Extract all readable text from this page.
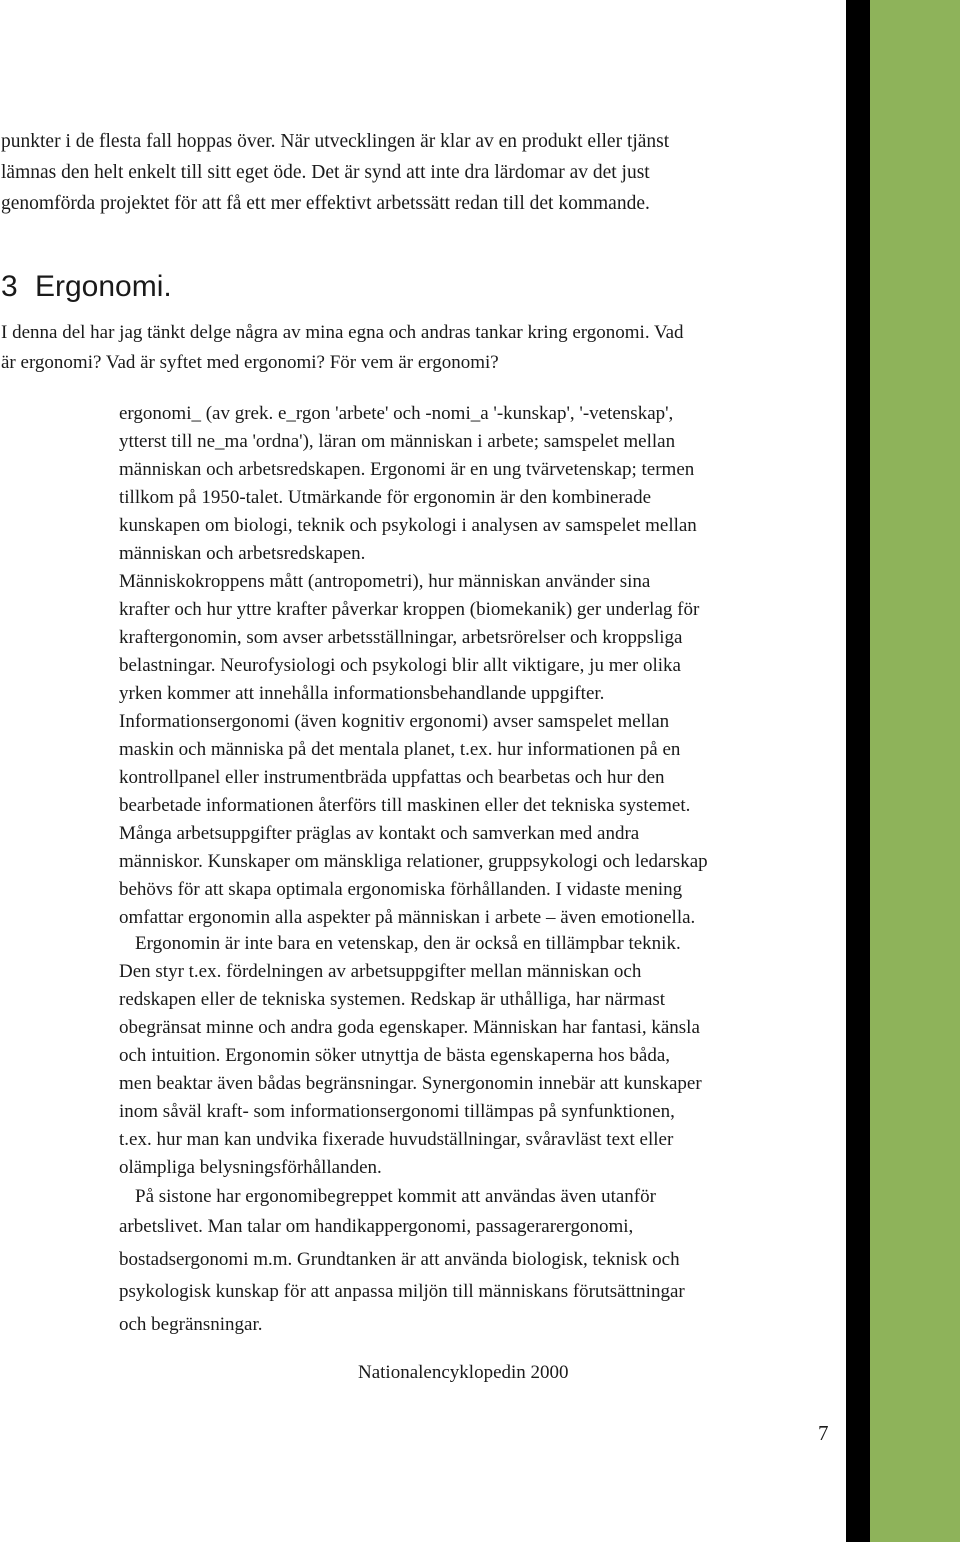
punkter i de flesta fall hoppas över. När utvecklingen är klar av en produkt eller tjänst
lämnas den helt enkelt till sitt eget öde. Det är synd att inte dra lärdomar av det just
genomförda projektet för att få ett mer effektivt arbetssätt redan till det kommande.

3 Ergonomi.

I denna del har jag tänkt delge några av mina egna och andras tankar kring ergonomi. Vad
är ergonomi? Vad är syftet med ergonomi? För vem är ergonomi?

ergonomi_ (av grek. e_rgon 'arbete' och -nomi_a '-kunskap', '-vetenskap',
ytterst till ne_ma 'ordna'), läran om människan i arbete; samspelet mellan
människan och arbetsredskapen. Ergonomi är en ung tvärvetenskap; termen
tillkom på 1950-talet. Utmärkande för ergonomin är den kombinerade
kunskapen om biologi, teknik och psykologi i analysen av samspelet mellan
människan och arbetsredskapen.

Människokroppens mått (antropometri), hur människan använder sina
krafter och hur yttre krafter påverkar kroppen (biomekanik) ger underlag för
kraftergonomin, som avser arbetsställningar, arbetsrörelser och kroppsliga
belastningar. Neurofysiologi och psykologi blir allt viktigare, ju mer olika
yrken kommer att innehålla informationsbehandlande uppgifter.
Informationsergonomi (även kognitiv ergonomi) avser samspelet mellan
maskin och människa på det mentala planet, t.ex. hur informationen på en
kontrollpanel eller instrumentbräda uppfattas och bearbetas och hur den
bearbetade informationen återförs till maskinen eller det tekniska systemet.
Många arbetsuppgifter präglas av kontakt och samverkan med andra
människor. Kunskaper om mänskliga relationer, gruppsykologi och ledarskap
behövs för att skapa optimala ergonomiska förhållanden. I vidaste mening
omfattar ergonomin alla aspekter på människan i arbete – även emotionella.

Ergonomin är inte bara en vetenskap, den är också en tillämpbar teknik.
Den styr t.ex. fördelningen av arbetsuppgifter mellan människan och
redskapen eller de tekniska systemen. Redskap är uthålliga, har närmast
obegränsat minne och andra goda egenskaper. Människan har fantasi, känsla
och intuition. Ergonomin söker utnyttja de bästa egenskaperna hos båda,
men beaktar även bådas begränsningar. Synergonomin innebär att kunskaper
inom såväl kraft- som informationsergonomi tillämpas på synfunktionen,
t.ex. hur man kan undvika fixerade huvudställningar, svåravläst text eller
olämpliga belysningsförhållanden.

På sistone har ergonomibegreppet kommit att användas även utanför
arbetslivet. Man talar om handikappergonomi, passagerarergonomi,
bostadsergonomi m.m. Grundtanken är att använda biologisk, teknisk och
psykologisk kunskap för att anpassa miljön till människans förutsättningar
och begränsningar.

Nationalencyklopedin 2000

7
